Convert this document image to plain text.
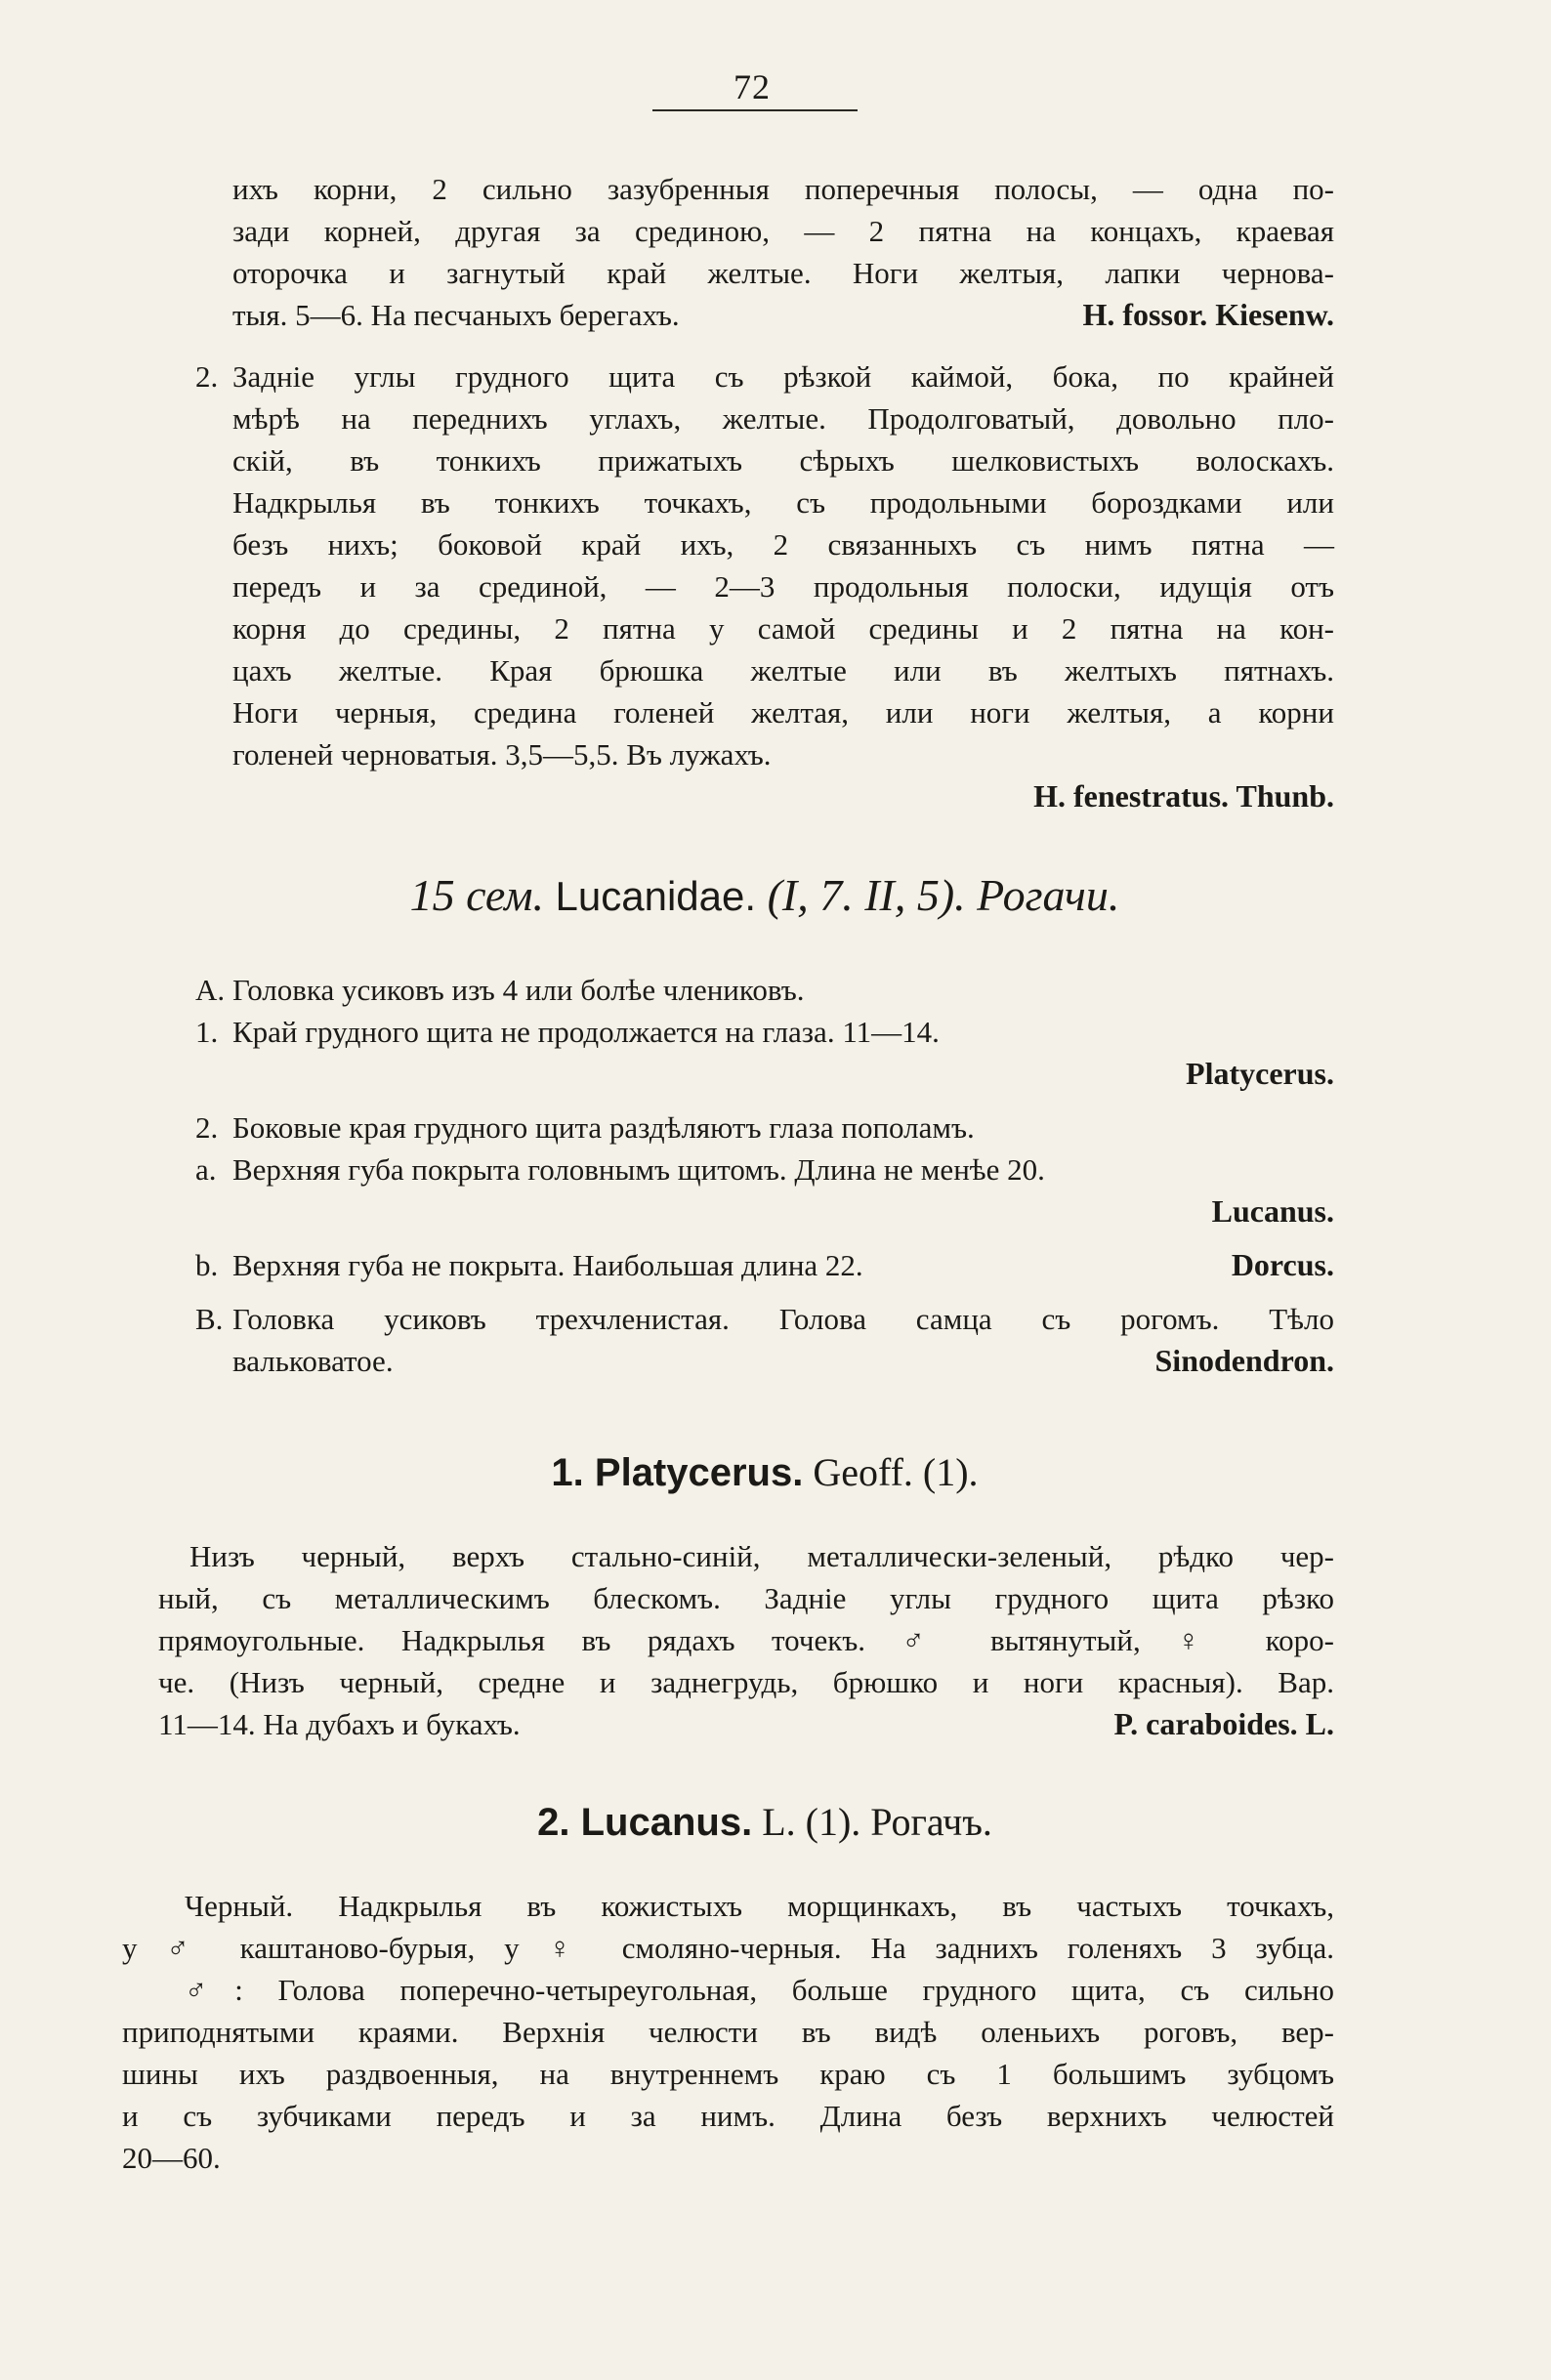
72
ихъ корни, 2 сильно зазубренныя поперечныя полосы, — одна по-
зади корней, другая за срединою, — 2 пятна на концахъ, краевая
оторочка и загнутый край желтые. Ноги желтыя, лапки чернова-
тыя. 5—6. На песчаныхъ берегахъ.	H. fossor. Kiesenw.
2. Задніе углы грудного щита съ рѣзкой каймой, бока, по крайней
мѣрѣ на переднихъ углахъ, желтые. Продолговатый, довольно пло-
скій, въ тонкихъ прижатыхъ сѣрыхъ шелковистыхъ волоскахъ.
Надкрылья въ тонкихъ точкахъ, съ продольными бороздками или
безъ нихъ; боковой край ихъ, 2 связанныхъ съ нимъ пятна —
передъ и за срединой, — 2—3 продольныя полоски, идущія отъ
корня до средины, 2 пятна у самой средины и 2 пятна на кон-
цахъ желтые. Края брюшка желтые или въ желтыхъ пятнахъ.
Ноги черныя, средина голеней желтая, или ноги желтыя, а корни
голеней черноватыя. 3,5—5,5. Въ лужахъ.
H. fenestratus. Thunb.
15 сем. Lucanidae. (I, 7. II, 5). Рогачи.
А. Головка усиковъ изъ 4 или болѣе члениковъ.
1. Край грудного щита не продолжается на глаза. 11—14.
Platycerus.
2. Боковые края грудного щита раздѣляютъ глаза пополамъ.
a. Верхняя губа покрыта головнымъ щитомъ. Длина не менѣе 20.
Lucanus.
b. Верхняя губа не покрыта. Наибольшая длина 22.	Dorcus.
В. Головка усиковъ трехчленистая. Голова самца съ рогомъ. Тѣло
вальковатое.	Sinodendron.
1. Platycerus. Geoff. (1).
Низъ черный, верхъ стально-синій, металлически-зеленый, рѣдко чер-
ный, съ металлическимъ блескомъ. Задніе углы грудного щита рѣзко
прямоугольные. Надкрылья въ рядахъ точекъ. ♂ вытянутый, ♀ коро-
че. (Низъ черный, средне и заднегрудь, брюшко и ноги красныя). Вар.
11—14. На дубахъ и букахъ.	P. caraboides. L.
2. Lucanus. L. (1). Рогачъ.
Черный. Надкрылья въ кожистыхъ морщинкахъ, въ частыхъ точкахъ,
у ♂ каштаново-бурыя, у ♀ смоляно-черныя. На заднихъ голеняхъ 3 зубца.
♂: Голова поперечно-четыреугольная, больше грудного щита, съ сильно
приподнятыми краями. Верхнія челюсти въ видѣ оленьихъ роговъ, вер-
шины ихъ раздвоенныя, на внутреннемъ краю съ 1 большимъ зубцомъ
и съ зубчиками передъ и за нимъ. Длина безъ верхнихъ челюстей
20—60.
